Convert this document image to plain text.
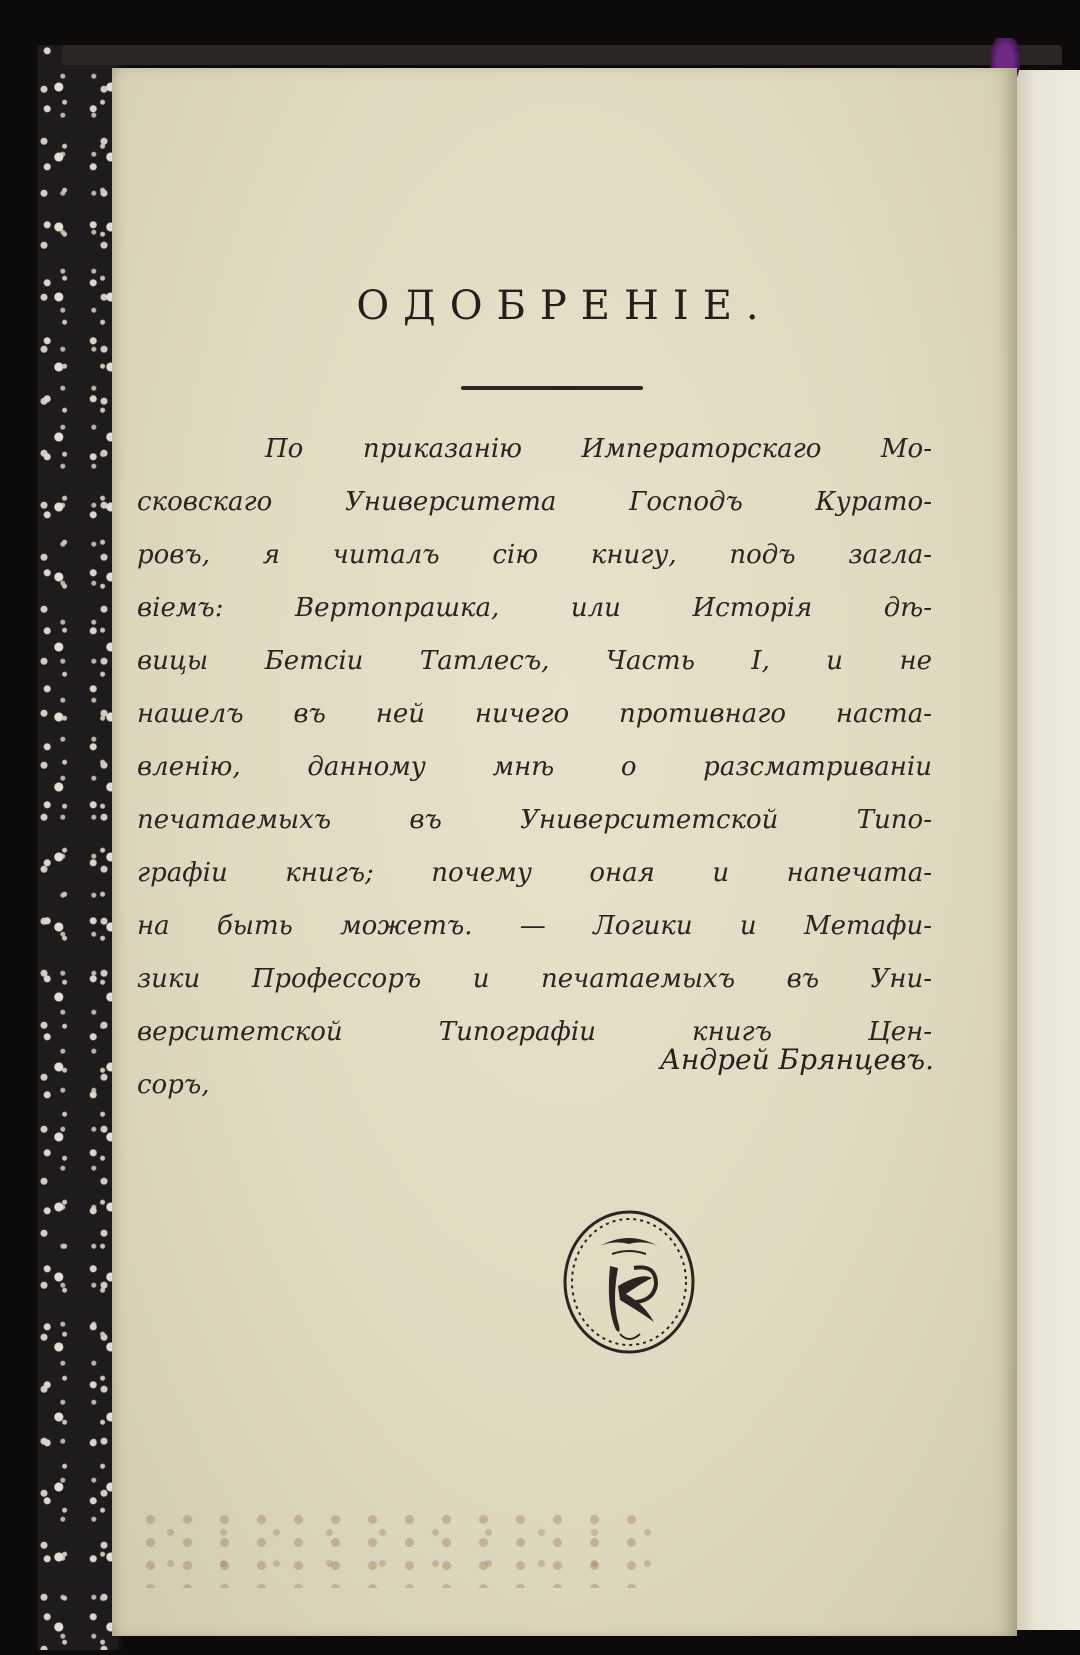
ОДОБРЕНІЕ.
По приказанію Императорскаго Мо-
сковскаго Университета Господъ Курато-
ровъ, я читалъ сію книгу, подъ загла-
віемъ: Вертопрашка, или Исторія дѣ-
вицы Бетсіи Татлесъ, Часть I, и не
нашелъ въ ней ничего противнаго наста-
вленію, данному мнѣ о разсматриваніи
печатаемыхъ въ Университетской Типо-
графіи книгъ; почему оная и напечата-
на быть можетъ. — Логики и Метафи-
зики Профессоръ и печатаемыхъ въ Уни-
верситетской Типографіи книгъ Цен-
соръ,

Андрей Брянцевъ.
